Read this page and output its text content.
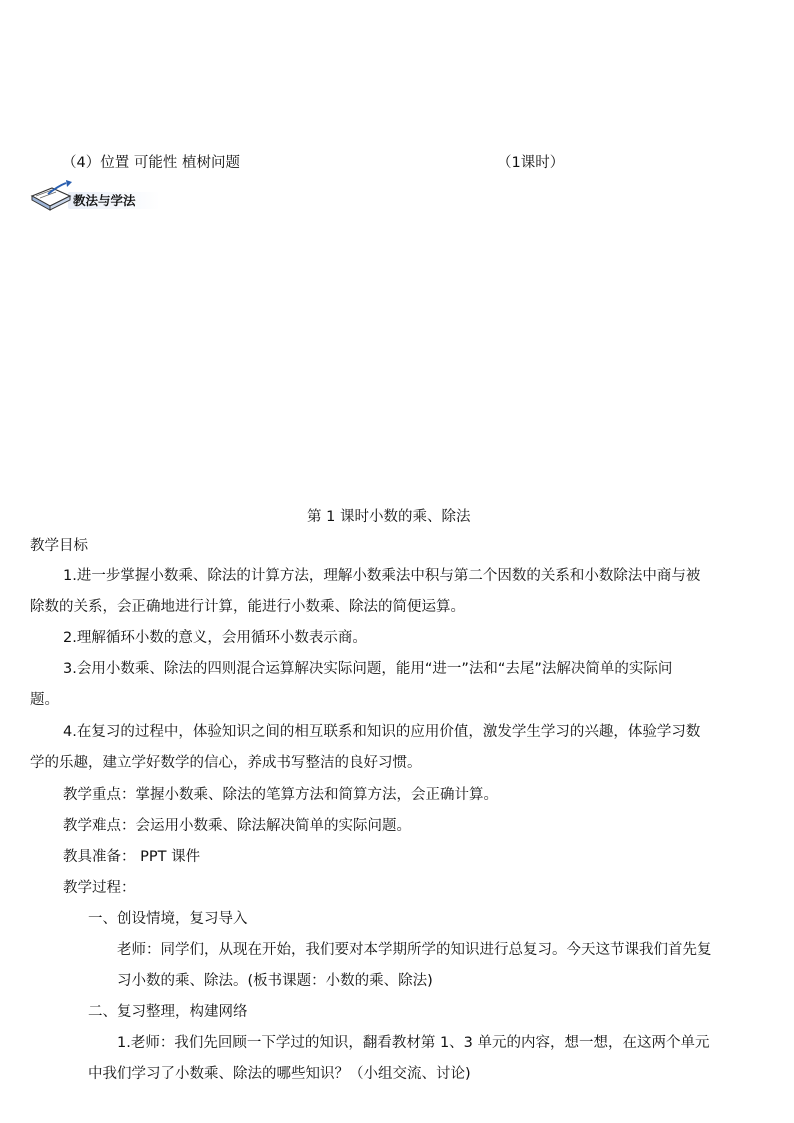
（4）位置 可能性 植树问题	（1课时）
教法与学法
第 1 课时小数的乘、除法
教学目标
1.进一步掌握小数乘、除法的计算方法，理解小数乘法中积与第二个因数的关系和小数除法中商与被
除数的关系，会正确地进行计算，能进行小数乘、除法的简便运算。
2.理解循环小数的意义，会用循环小数表示商。
3.会用小数乘、除法的四则混合运算解决实际问题，能用“进一”法和“去尾”法解决简单的实际问
题。
4.在复习的过程中，体验知识之间的相互联系和知识的应用价值，激发学生学习的兴趣，体验学习数
学的乐趣，建立学好数学的信心，养成书写整洁的良好习惯。
教学重点：掌握小数乘、除法的笔算方法和简算方法，会正确计算。
教学难点：会运用小数乘、除法解决简单的实际问题。
教具准备： PPT 课件
教学过程：
一、创设情境，复习导入
老师：同学们，从现在开始，我们要对本学期所学的知识进行总复习。今天这节课我们首先复
习小数的乘、除法。(板书课题：小数的乘、除法)
二、复习整理，构建网络
1.老师：我们先回顾一下学过的知识，翻看教材第 1、3 单元的内容，想一想，在这两个单元
中我们学习了小数乘、除法的哪些知识？（小组交流、讨论)
